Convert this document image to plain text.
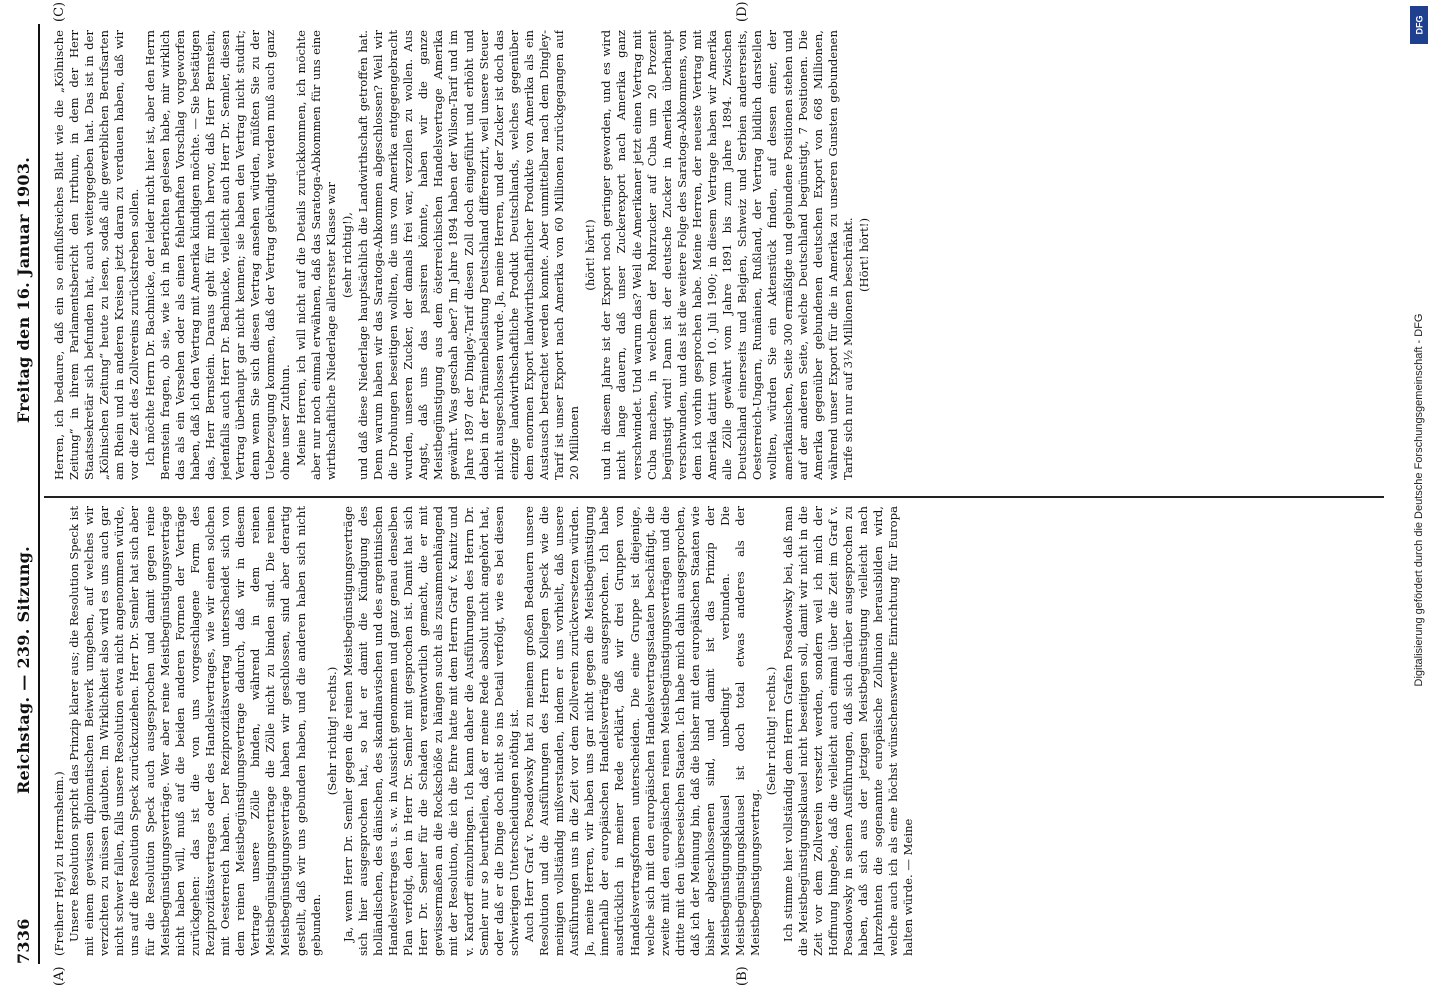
7336
Reichstag. — 239. Sitzung.
Freitag den 16. Januar 1903.
(A)	(B)
(C)	(D)

(Freiherr Heyl zu Herrnsheim.) Unsere Resolution spricht das Prinzip klarer aus; die Resolution Speck ist mit einem gewissen diplomatischen Beiwerk umgeben, auf welches wir verzichten zu müssen glaubten. Im Wirklichkeit also wird es uns auch gar nicht schwer fallen, falls unsere Resolution etwa nicht angenommen würde, uns auf die Resolution Speck zurückzuziehen. Herr Dr. Semler hat sich aber für die Resolution Speck auch ausgesprochen und damit gegen reine Meistbegünstigungsverträge. Wer aber reine Meistbegünstigungsverträge nicht haben will, muß auf die beiden anderen Formen der Verträge zurückgehen: das ist die von uns vorgeschlagene Form des Reziprozitätsvertrages oder des Handelsvertrages, wie wir einen solchen mit Oesterreich haben. Der Reziprozitätsvertrag unterscheidet sich von dem reinen Meistbegünstigungsvertrage dadurch, daß wir in diesem Vertrage unsere Zölle binden, während in dem reinen Meistbegünstigungsvertrage die Zölle nicht zu binden sind. Die reinen Meistbegünstigungsverträge haben wir geschlossen, sind aber derartig gestellt, daß wir uns gebunden haben, und die anderen haben sich nicht gebunden.

(Sehr richtig! rechts.) Ja, wenn Herr Dr. Semler gegen die reinen Meistbegünstigungsverträge sich hier ausgesprochen hat, so hat er damit die Kündigung des holländischen, des dänischen, des skandinavischen und des argentinischen Handelsvertrages u. s. w. in Aussicht genommen und ganz genau denselben Plan verfolgt, den in Herr Dr. Semler mit gesprochen ist. Damit hat sich Herr Dr. Semler für die Schaden verantwortlich gemacht, die er mit gewissermaßen an die Rockschöße zu hängen sucht als zusammenhängend mit der Resolution, die ich die Ehre hatte mit dem Herrn Graf v. Kanitz und v. Kardorff einzubringen. Ich kann daher die Ausführungen des Herrn Dr. Semler nur so beurtheilen, daß er meine Rede absolut nicht angehört hat, oder daß er die Dinge doch nicht so ins Detail verfolgt, wie es bei diesen schwierigen Unterscheidungen nöthig ist. Auch Herr Graf v. Posadowsky hat zu meinem großen Bedauern unsere Resolution und die Ausführungen des Herrn Kollegen Speck wie die meinigen vollständig mißverstanden, indem er uns vorhielt, daß unsere Ausführungen uns in die Zeit vor dem Zollverein zurückversetzen würden. Ja, meine Herren, wir haben uns gar nicht gegen die Meistbegünstigung innerhalb der europäischen Handelsverträge ausgesprochen. Ich habe ausdrücklich in meiner Rede erklärt, daß wir drei Gruppen von Handelsvertragsformen unterscheiden. Die eine Gruppe ist diejenige, welche sich mit den europäischen Handelsvertragsstaaten beschäftigt, die zweite mit den europäischen reinen Meistbegünstigungsverträgen und die dritte mit den überseeischen Staaten. Ich habe mich dahin ausgesprochen, daß ich der Meinung bin, daß die bisher mit den europäischen Staaten wie bisher abgeschlossenen sind, und damit ist das Prinzip der Meistbegünstigungsklausel unbedingt verbunden. Die Meistbegünstigungsklausel ist doch total etwas anderes als der Meistbegünstigungsvertrag.

(Sehr richtig! rechts.) Ich stimme hier vollständig dem Herrn Grafen Posadowsky bei, daß man die Meistbegünstigungsklausel nicht beseitigen soll, damit wir nicht in die Zeit vor dem Zollverein versetzt werden, sondern weil ich mich der Hoffnung hingebe, daß die vielleicht auch einmal über die Zeit im Graf v. Posadowsky in seinen Ausführungen, daß sich darüber ausgesprochen zu haben, daß sich aus der jetzigen Meistbegünstigung vielleicht nach Jahrzehnten die sogenannte europäische Zollunion herausbilden wird, welche auch ich als eine höchst wünschenswerthe Einrichtung für Europa halten würde. — Meine

Herren, ich bedaure, daß ein so einflußreiches Blatt wie die „Kölnische Zeitung“ in ihrem Parlamentsbericht den Irrthum, in dem der Herr Staatssekretär sich befunden hat, auch weitergegeben hat. Das ist in der „Kölnischen Zeitung“ heute zu lesen, sodaß alle gewerblichen Berufsarten am Rhein und in anderen Kreisen jetzt daran zu verdauen haben, daß wir vor die Zeit des Zollvereins zurückstreben sollen. Ich möchte Herrn Dr. Bachnicke, der leider nicht hier ist, aber den Herrn Bernstein fragen, ob sie, wie ich in Berichten gelesen habe, mir wirklich das als ein Versehen oder als einen fehlerhaften Vorschlag vorgeworfen haben, daß ich den Vertrag mit Amerika kündigen möchte. — Sie bestätigen das, Herr Bernstein. Daraus geht für mich hervor, daß Herr Bernstein, jedenfalls auch Herr Dr. Bachnicke, vielleicht auch Herr Dr. Semler, diesen Vertrag überhaupt gar nicht kennen; sie haben den Vertrag nicht studirt; denn wenn Sie sich diesen Vertrag ansehen würden, müßten Sie zu der Ueberzeugung kommen, daß der Vertrag gekündigt werden muß auch ganz ohne unser Zuthun. Meine Herren, ich will nicht auf die Details zurückkommen, ich möchte aber nur noch einmal erwähnen, daß das Saratoga-Abkommen für uns eine wirthschaftliche Niederlage allererster Klasse war (sehr richtig!), und daß diese Niederlage hauptsächlich die Landwirthschaft getroffen hat. Denn warum haben wir das Saratoga-Abkommen abgeschlossen? Weil wir die Drohungen beseitigen wollten, die uns von Amerika entgegengebracht wurden, unseren Zucker, der damals frei war, verzollen zu wollen. Aus Angst, daß uns das passiren könnte, haben wir die ganze Meistbegünstigung aus dem österreichischen Handelsvertrage Amerika gewährt. Was geschah aber? Im Jahre 1894 haben der Wilson-Tarif und im Jahre 1897 der Dingley-Tarif diesen Zoll doch eingeführt und erhöht und dabei in der Prämienbelastung Deutschland differenzirt, weil unsere Steuer nicht ausgeschlossen wurde. Ja, meine Herren, und der Zucker ist doch das einzige landwirthschaftliche Produkt Deutschlands, welches gegenüber dem enormen Export landwirthschaftlicher Produkte von Amerika als ein Austausch betrachtet werden konnte. Aber unmittelbar nach dem Dingley-Tarif ist unser Export nach Amerika von 60 Millionen zurückgegangen auf 20 Millionen

(hört! hört!) und in diesem Jahre ist der Export noch geringer geworden, und es wird nicht lange dauern, daß unser Zuckerexport nach Amerika ganz verschwindet. Und warum das? Weil die Amerikaner jetzt einen Vertrag mit Cuba machen, in welchem der Rohrzucker auf Cuba um 20 Prozent begünstigt wird! Dann ist der deutsche Zucker in Amerika überhaupt verschwunden, und das ist die weitere Folge des Saratoga-Abkommens, von dem ich vorhin gesprochen habe. Meine Herren, der neueste Vertrag mit Amerika datirt vom 10. Juli 1900; in diesem Vertrage haben wir Amerika alle Zölle gewährt vom Jahre 1891 bis zum Jahre 1894. Zwischen Deutschland einerseits und Belgien, Schweiz und Serbien andererseits, Oesterreich-Ungarn, Rumänien, Rußland, der Vertrag bildlich darstellen wollten, würden Sie ein Aktenstück finden, auf dessen einer, der amerikanischen, Seite 300 ermäßigte und gebundene Positionen stehen und auf der anderen Seite, welche Deutschland begünstigt, 7 Positionen. Die Amerika gegenüber gebundenen deutschen Export von 668 Millionen, während unser Export für die in Amerika zu unseren Gunsten gebundenen Tarife sich nur auf 3½ Millionen beschränkt. (Hört! hört!)

DFG
Digitalisierung gefördert durch die Deutsche Forschungsgemeinschaft - DFG
